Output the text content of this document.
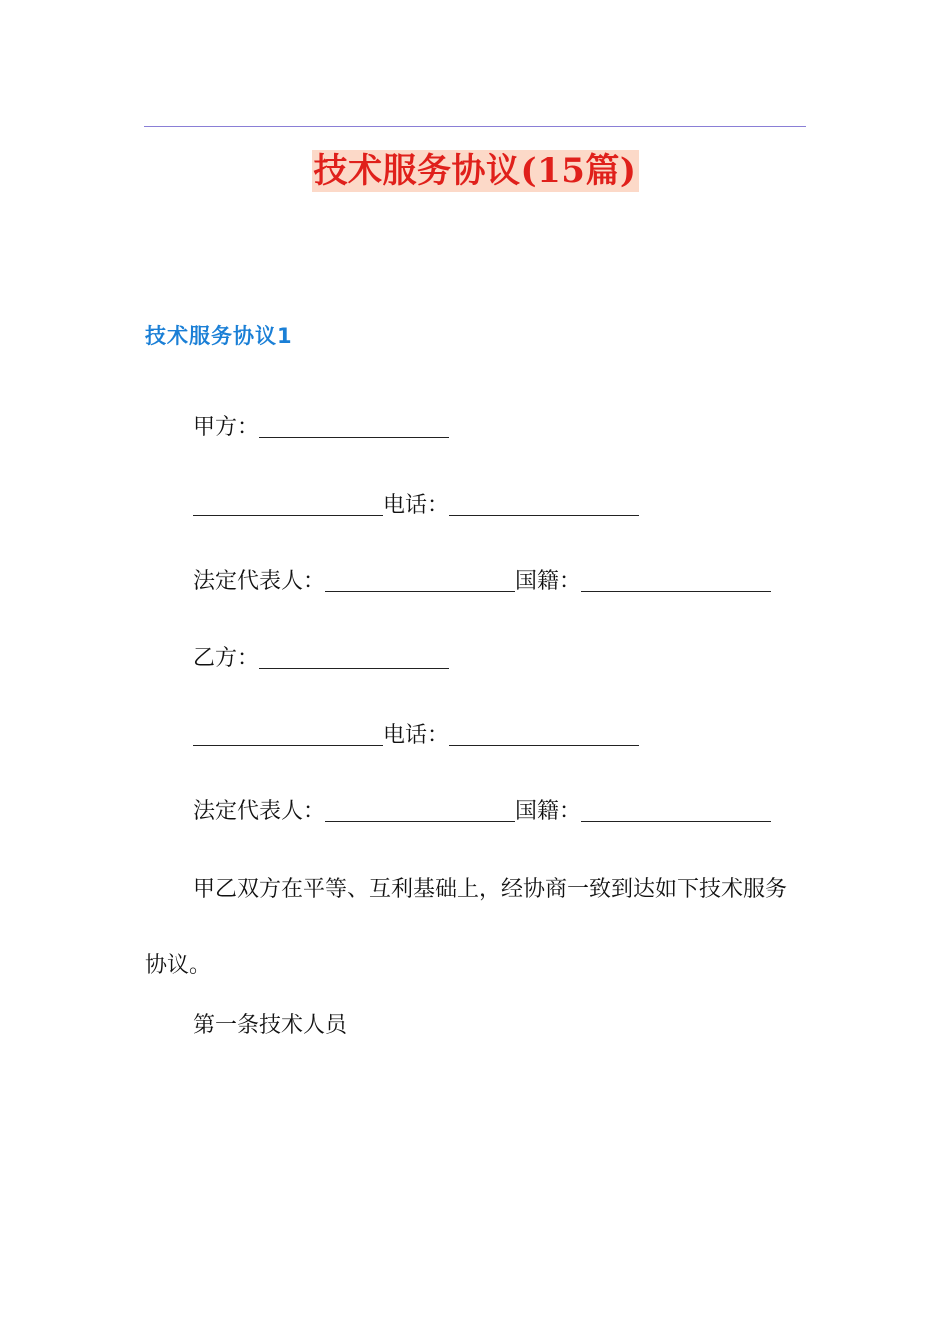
技术服务协议(15篇)
技术服务协议1
甲方：
电话：
法定代表人：	国籍：
乙方：
电话：
法定代表人：	国籍：

甲乙双方在平等、互利基础上，经协商一致到达如下技术服务协议。

第一条技术人员
